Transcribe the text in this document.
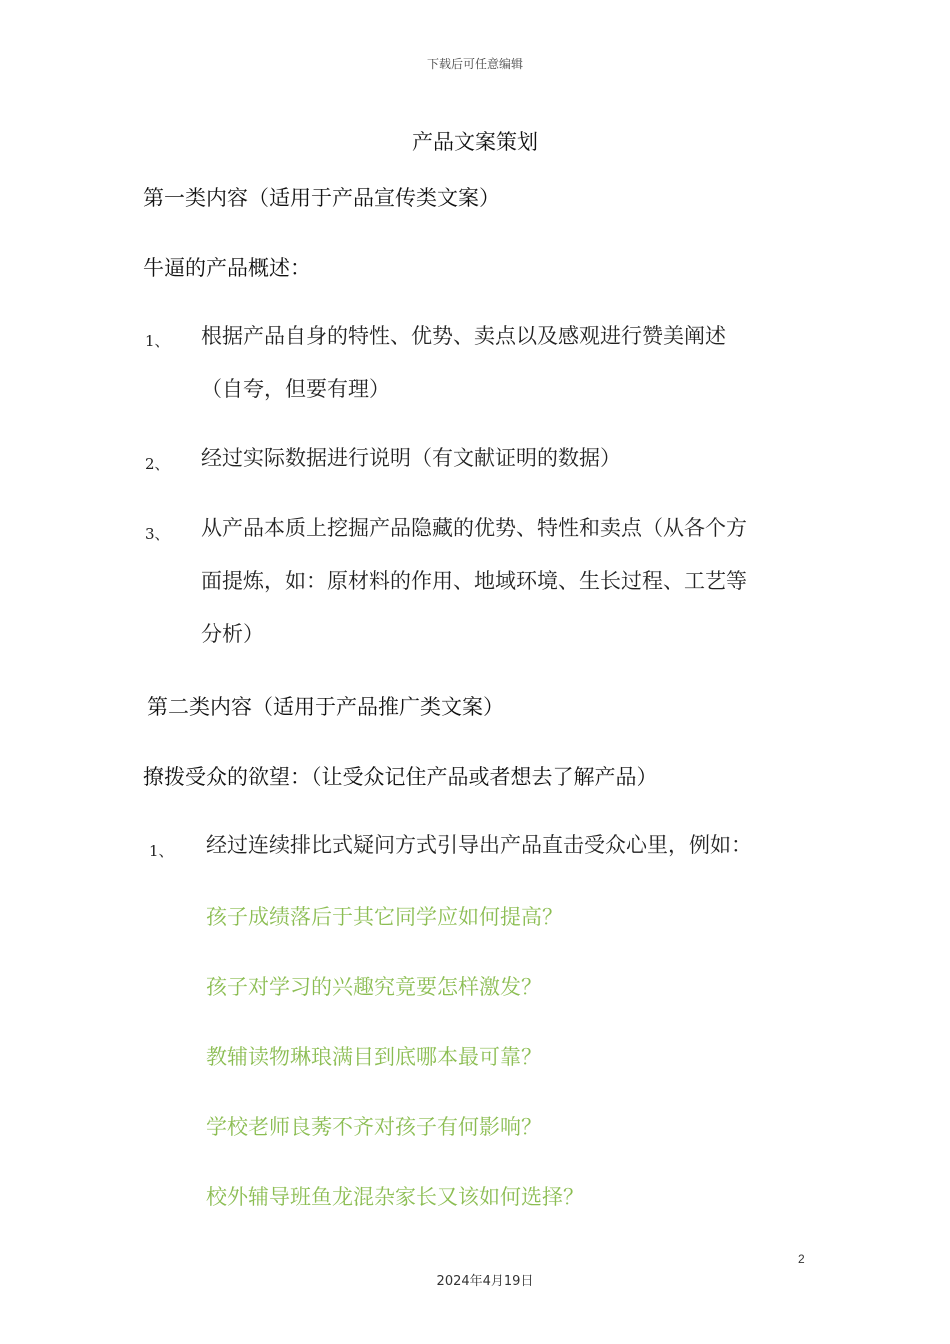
下载后可任意编辑
产品文案策划
第一类内容（适用于产品宣传类文案）
牛逼的产品概述：
1、 根据产品自身的特性、优势、卖点以及感观进行赞美阐述
（自夸，但要有理）
2、 经过实际数据进行说明（有文献证明的数据）
3、 从产品本质上挖掘产品隐藏的优势、特性和卖点（从各个方
面提炼，如：原材料的作用、地域环境、生长过程、工艺等
分析）
第二类内容（适用于产品推广类文案）
撩拨受众的欲望：（让受众记住产品或者想去了解产品）
1、 经过连续排比式疑问方式引导出产品直击受众心里，例如：
孩子成绩落后于其它同学应如何提高？
孩子对学习的兴趣究竟要怎样激发？
教辅读物琳琅满目到底哪本最可靠？
学校老师良莠不齐对孩子有何影响？
校外辅导班鱼龙混杂家长又该如何选择？
2
2024年4月19日
